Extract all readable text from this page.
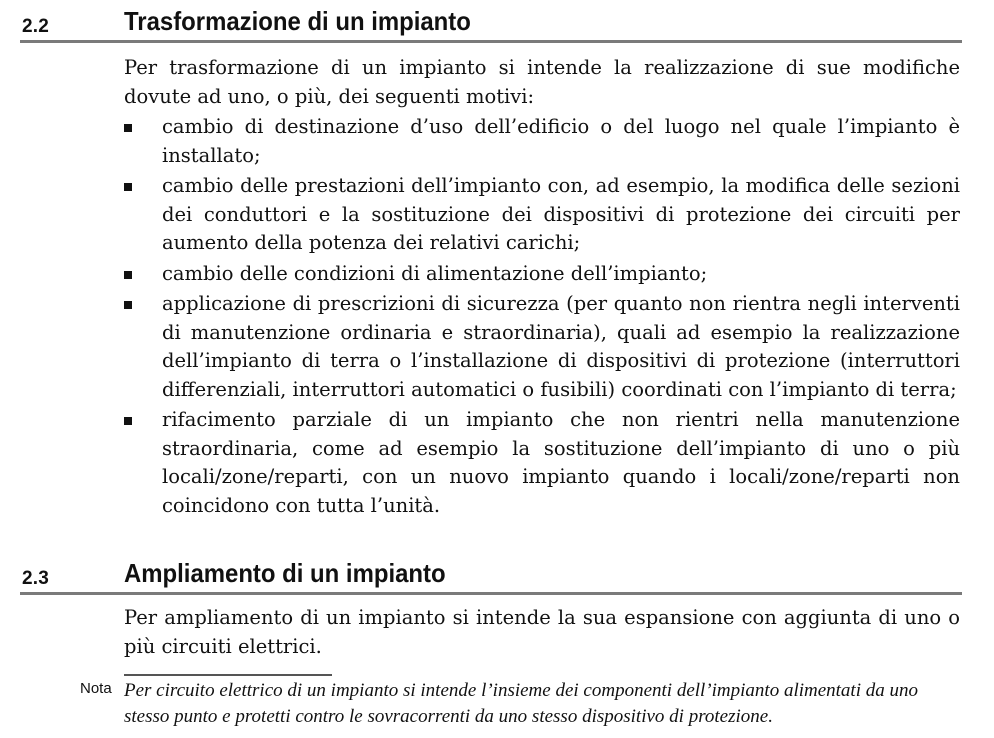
2.2	Trasformazione di un impianto

Per trasformazione di un impianto si intende la realizzazione di sue modifiche dovute ad uno, o più, dei seguenti motivi:

cambio di destinazione d’uso dell’edificio o del luogo nel quale l’impianto è installato;
cambio delle prestazioni dell’impianto con, ad esempio, la modifica delle sezioni dei conduttori e la sostituzione dei dispositivi di protezione dei circuiti per aumento della potenza dei relativi carichi;
cambio delle condizioni di alimentazione dell’impianto;
applicazione di prescrizioni di sicurezza (per quanto non rientra negli interventi di manutenzione ordinaria e straordinaria), quali ad esempio la realizzazione dell’impianto di terra o l’installazione di dispositivi di protezione (interruttori differenziali, interruttori automatici o fusibili) coordinati con l’impianto di terra;
rifacimento parziale di un impianto che non rientri nella manutenzione straordinaria, come ad esempio la sostituzione dell’impianto di uno o più locali/zone/reparti, con un nuovo impianto quando i locali/zone/reparti non coincidono con tutta l’unità.
2.3	Ampliamento di un impianto

Per ampliamento di un impianto si intende la sua espansione con aggiunta di uno o più circuiti elettrici.

Nota Per circuito elettrico di un impianto si intende l’insieme dei componenti dell’impianto alimentati da uno stesso punto e protetti contro le sovracorrenti da uno stesso dispositivo di protezione.
